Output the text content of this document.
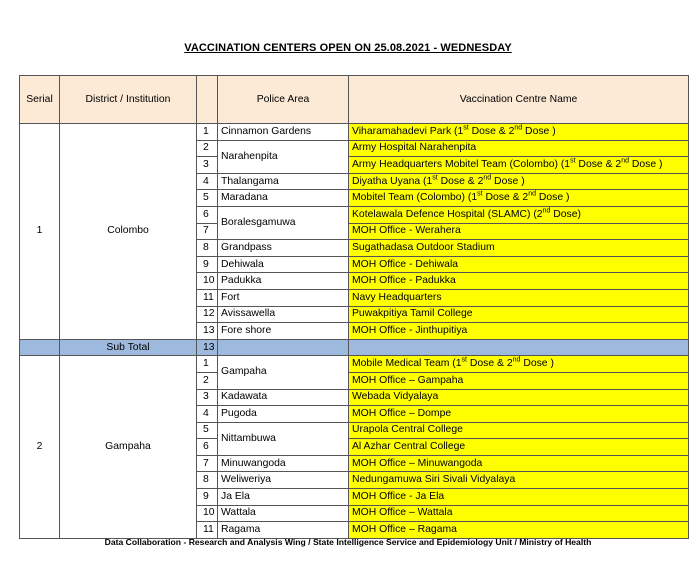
VACCINATION CENTERS OPEN ON 25.08.2021 - WEDNESDAY
Serial	District / Institution		Police Area	Vaccination Centre Name
1	Colombo	1	Cinnamon Gardens	Viharamahadevi Park (1st Dose & 2nd Dose )
		2	Narahenpita	Army Hospital Narahenpita
		3		Army Headquarters Mobitel Team (Colombo) (1st Dose & 2nd Dose )
		4	Thalangama	Diyatha Uyana (1st Dose & 2nd Dose )
		5	Maradana	Mobitel Team (Colombo) (1st Dose & 2nd Dose )
		6	Boralesgamuwa	Kotelawala Defence Hospital (SLAMC) (2nd Dose)
		7		MOH Office - Werahera
		8	Grandpass	Sugathadasa Outdoor Stadium
		9	Dehiwala	MOH Office - Dehiwala
		10	Padukka	MOH Office - Padukka
		11	Fort	Navy Headquarters
		12	Avissawella	Puwakpitiya Tamil College
		13	Fore shore	MOH Office - Jinthupitiya
	Sub Total	13		
2	Gampaha	1	Gampaha	Mobile Medical Team (1st Dose & 2nd Dose )
		2		MOH Office – Gampaha
		3	Kadawata	Webada Vidyalaya
		4	Pugoda	MOH Office – Dompe
		5	Nittambuwa	Urapola Central College
		6		Al Azhar Central College
		7	Minuwangoda	MOH Office – Minuwangoda
		8	Weliweriya	Nedungamuwa Siri Sivali Vidyalaya
		9	Ja Ela	MOH Office - Ja Ela
		10	Wattala	MOH Office – Wattala
		11	Ragama	MOH Office – Ragama
Data Collaboration - Research and Analysis Wing / State Intelligence Service and Epidemiology Unit / Ministry of Health
